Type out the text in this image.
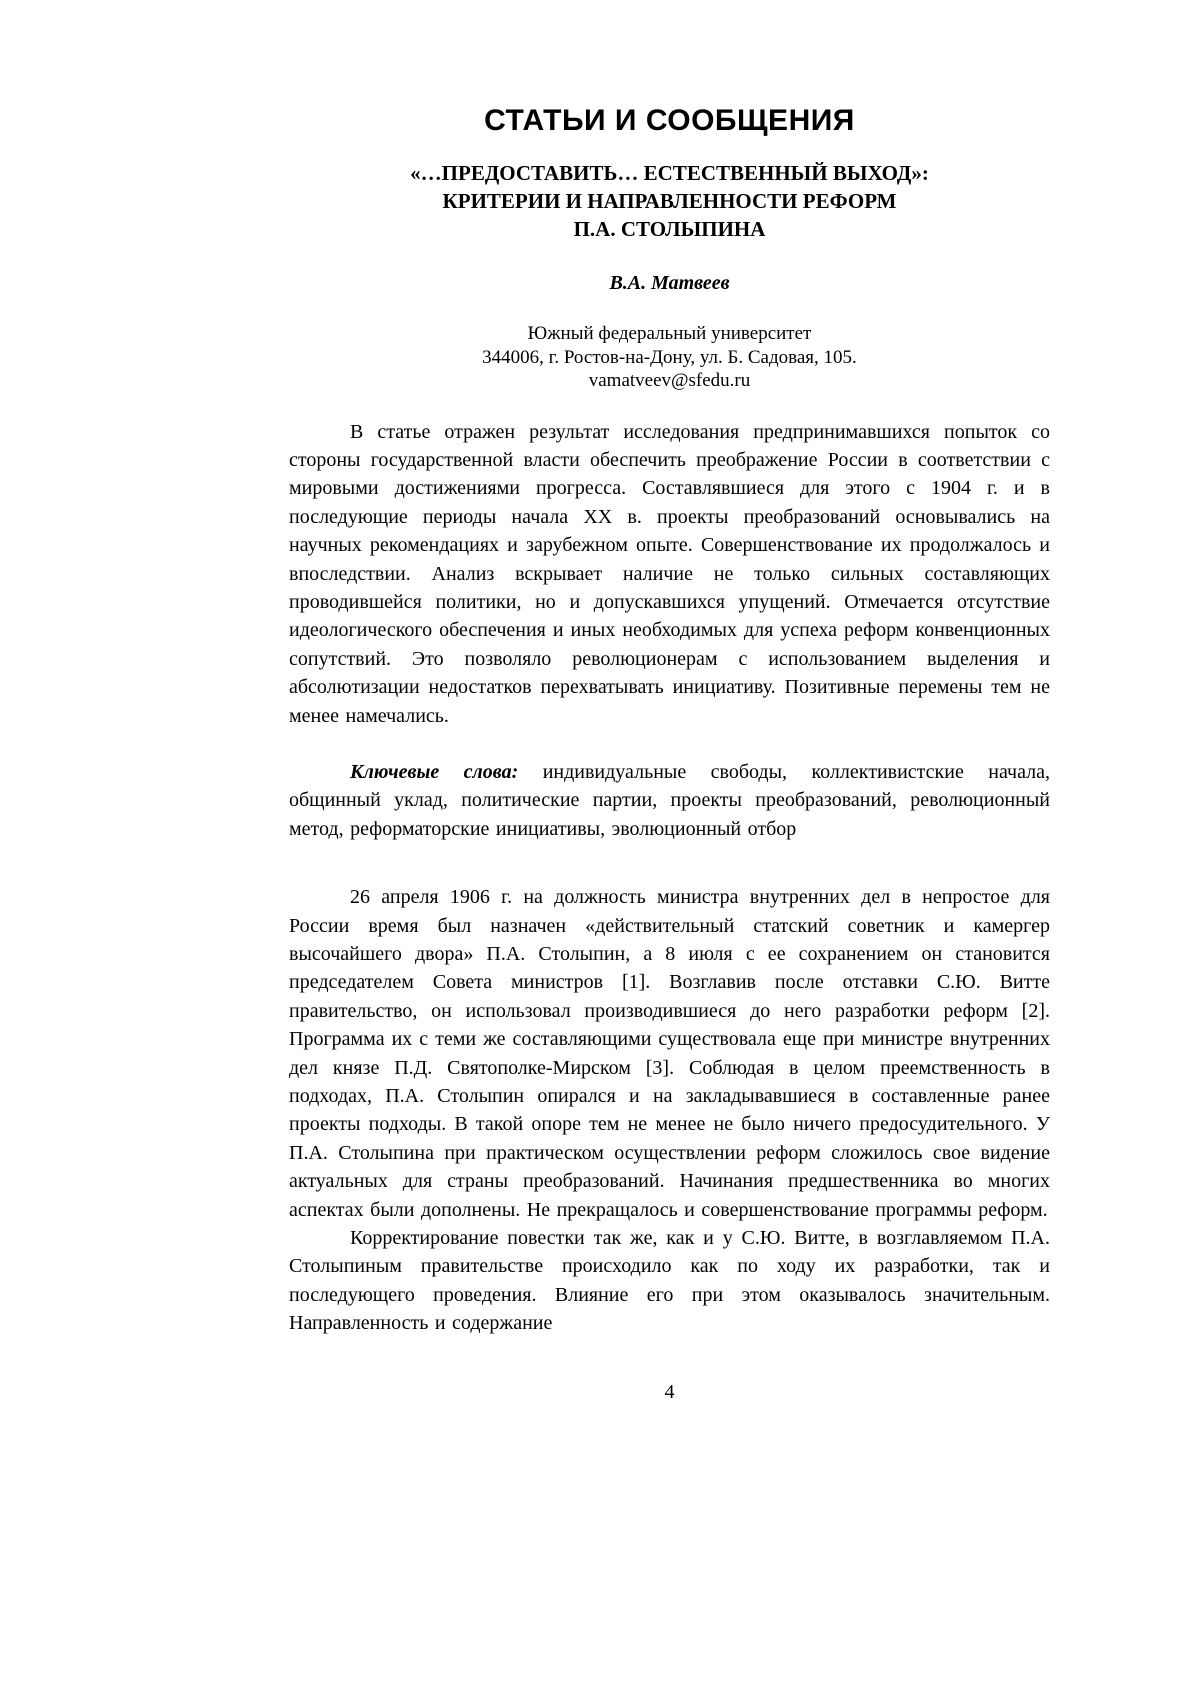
СТАТЬИ И СООБЩЕНИЯ
«…ПРЕДОСТАВИТЬ… ЕСТЕСТВЕННЫЙ ВЫХОД»:
КРИТЕРИИ И НАПРАВЛЕННОСТИ РЕФОРМ
П.А. СТОЛЫПИНА
В.А. Матвеев
Южный федеральный университет
344006, г. Ростов-на-Дону, ул. Б. Садовая, 105.
vamatveev@sfedu.ru

В статье отражен результат исследования предпринимавшихся попыток со стороны государственной власти обеспечить преображение России в соответствии с мировыми достижениями прогресса. Составлявшиеся для этого с 1904 г. и в последующие периоды начала XX в. проекты преобразований основывались на научных рекомендациях и зарубежном опыте. Совершенствование их продолжалось и впоследствии. Анализ вскрывает наличие не только сильных составляющих проводившейся политики, но и допускавшихся упущений. Отмечается отсутствие идеологического обеспечения и иных необходимых для успеха реформ конвенционных сопутствий. Это позволяло революционерам с использованием выделения и абсолютизации недостатков перехватывать инициативу. Позитивные перемены тем не менее намечались.

Ключевые слова: индивидуальные свободы, коллективистские начала, общинный уклад, политические партии, проекты преобразований, революционный метод, реформаторские инициативы, эволюционный отбор

26 апреля 1906 г. на должность министра внутренних дел в непростое для России время был назначен «действительный статский советник и камергер высочайшего двора» П.А. Столыпин, а 8 июля с ее сохранением он становится председателем Совета министров [1]. Возглавив после отставки С.Ю. Витте правительство, он использовал производившиеся до него разработки реформ [2]. Программа их с теми же составляющими существовала еще при министре внутренних дел князе П.Д. Святополке-Мирском [3]. Соблюдая в целом преемственность в подходах, П.А. Столыпин опирался и на закладывавшиеся в составленные ранее проекты подходы. В такой опоре тем не менее не было ничего предосудительного. У П.А. Столыпина при практическом осуществлении реформ сложилось свое видение актуальных для страны преобразований. Начинания предшественника во многих аспектах были дополнены. Не прекращалось и совершенствование программы реформ.

Корректирование повестки так же, как и у С.Ю. Витте, в возглавляемом П.А. Столыпиным правительстве происходило как по ходу их разработки, так и последующего проведения. Влияние его при этом оказывалось значительным. Направленность и содержание

4
